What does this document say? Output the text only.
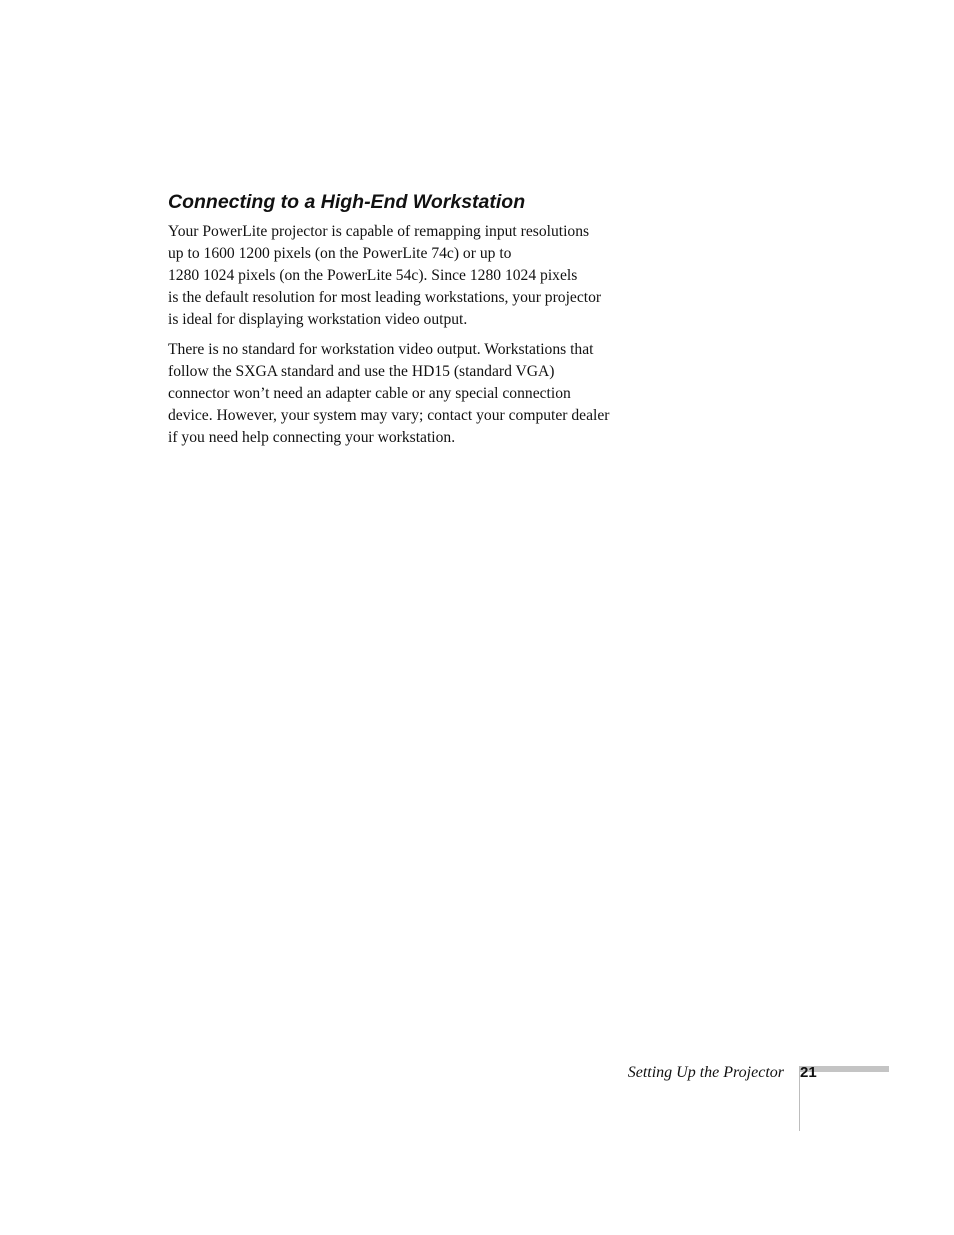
Connecting to a High-End Workstation

Your PowerLite projector is capable of remapping input resolutions
up to 1600 1200 pixels (on the PowerLite 74c) or up to
1280 1024 pixels (on the PowerLite 54c). Since 1280 1024 pixels
is the default resolution for most leading workstations, your projector
is ideal for displaying workstation video output.

There is no standard for workstation video output. Workstations that
follow the SXGA standard and use the HD15 (standard VGA)
connector won’t need an adapter cable or any special connection
device. However, your system may vary; contact your computer dealer
if you need help connecting your workstation.

Setting Up the Projector 21
